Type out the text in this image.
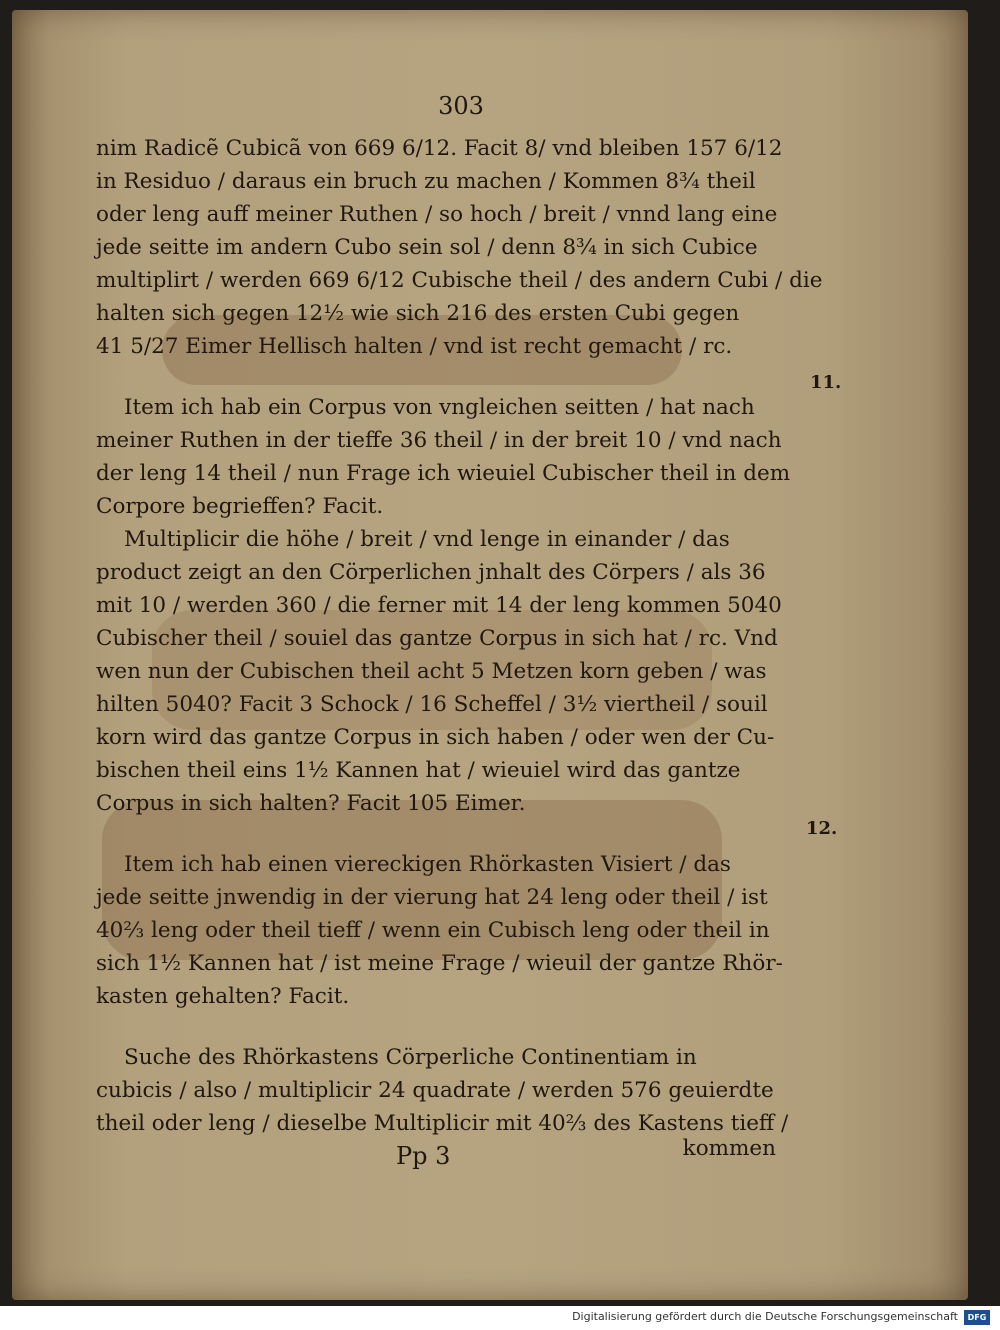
303
nim Radicẽ Cubicã von 669 6/12. Facit 8/ vnd bleiben 157 6/12
in Residuo / daraus ein bruch zu machen / Kommen 8¾ theil
oder leng auff meiner Ruthen / so hoch / breit / vnnd lang eine
jede seitte im andern Cubo sein sol / denn 8¾ in sich Cubice
multiplirt / werden 669 6/12 Cubische theil / des andern Cubi / die
halten sich gegen 12½ wie sich 216 des ersten Cubi gegen
41 5/27 Eimer Hellisch halten / vnd ist recht gemacht / rc.
Item ich hab ein Corpus von vngleichen seitten / hat nach
meiner Ruthen in der tieffe 36 theil / in der breit 10 / vnd nach
der leng 14 theil / nun Frage ich wieuiel Cubischer theil in dem
Corpore begrieffen? Facit.
Multiplicir die höhe / breit / vnd lenge in einander / das
product zeigt an den Cörperlichen jnhalt des Cörpers / als 36
mit 10 / werden 360 / die ferner mit 14 der leng kommen 5040
Cubischer theil / souiel das gantze Corpus in sich hat / rc. Vnd
wen nun der Cubischen theil acht 5 Metzen korn geben / was
hilten 5040? Facit 3 Schock / 16 Scheffel / 3½ viertheil / souil
korn wird das gantze Corpus in sich haben / oder wen der Cu-
bischen theil eins 1½ Kannen hat / wieuiel wird das gantze
Corpus in sich halten? Facit 105 Eimer.
Item ich hab einen viereckigen Rhörkasten Visiert / das
jede seitte jnwendig in der vierung hat 24 leng oder theil / ist
40⅔ leng oder theil tieff / wenn ein Cubisch leng oder theil in
sich 1½ Kannen hat / ist meine Frage / wieuil der gantze Rhör-
kasten gehalten? Facit.
Suche des Rhörkastens Cörperliche Continentiam in
cubicis / also / multiplicir 24 quadrate / werden 576 geuierdte
theil oder leng / dieselbe Multiplicir mit 40⅔ des Kastens tieff /
Pp 3	kommen
11.
12.
Digitalisierung gefördert durch die Deutsche Forschungsgemeinschaft	DFG
